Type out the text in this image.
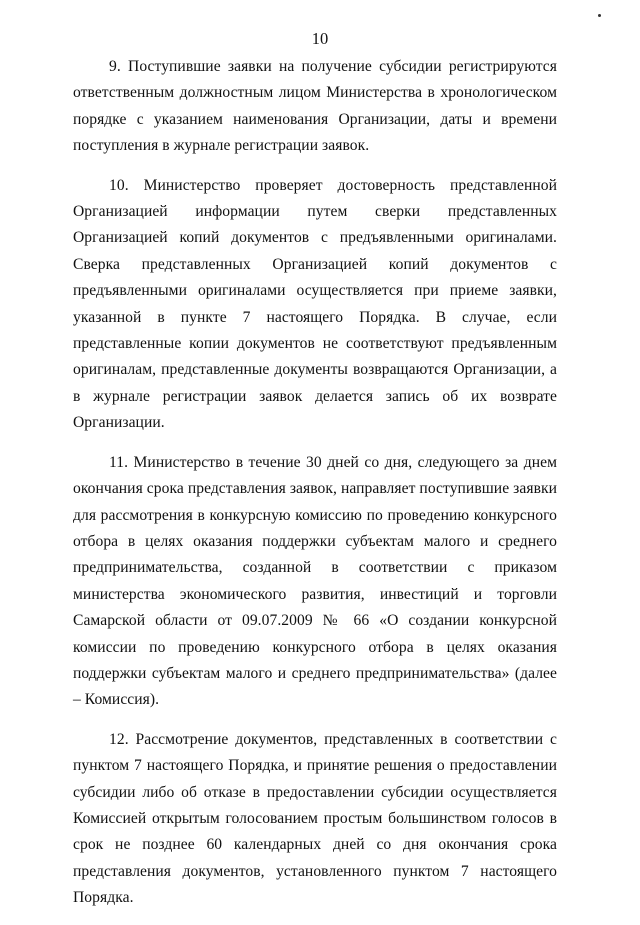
10

9. Поступившие заявки на получение субсидии регистрируются ответственным должностным лицом Министерства в хронологическом порядке с указанием наименования Организации, даты и времени поступления в журнале регистрации заявок.

10. Министерство проверяет достоверность представленной Организацией информации путем сверки представленных Организацией копий документов с предъявленными оригиналами. Сверка представленных Организацией копий документов с предъявленными оригиналами осуществляется при приеме заявки, указанной в пункте 7 настоящего Порядка. В случае, если представленные копии документов не соответствуют предъявленным оригиналам, представленные документы возвращаются Организации, а в журнале регистрации заявок делается запись об их возврате Организации.

11. Министерство в течение 30 дней со дня, следующего за днем окончания срока представления заявок, направляет поступившие заявки для рассмотрения в конкурсную комиссию по проведению конкурсного отбора в целях оказания поддержки субъектам малого и среднего предпринимательства, созданной в соответствии с приказом министерства экономического развития, инвестиций и торговли Самарской области от 09.07.2009 № 66 «О создании конкурсной комиссии по проведению конкурсного отбора в целях оказания поддержки субъектам малого и среднего предпринимательства» (далее – Комиссия).

12. Рассмотрение документов, представленных в соответствии с пунктом 7 настоящего Порядка, и принятие решения о предоставлении субсидии либо об отказе в предоставлении субсидии осуществляется Комиссией открытым голосованием простым большинством голосов в срок не позднее 60 календарных дней со дня окончания срока представления документов, установленного пунктом 7 настоящего Порядка.
